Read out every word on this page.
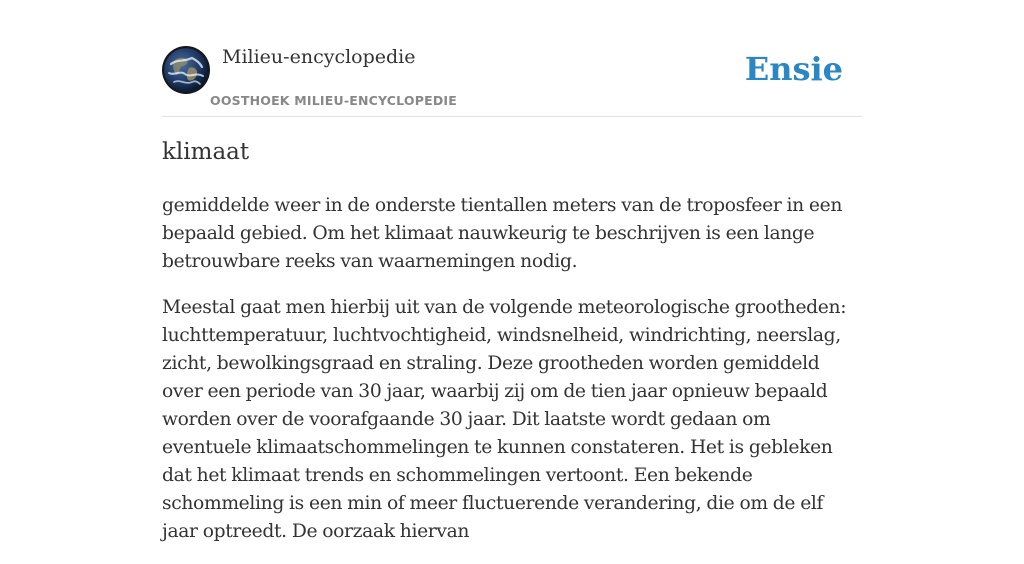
Milieu-encyclopedie
OOSTHOEK MILIEU-ENCYCLOPEDIE
Ensie
klimaat

gemiddelde weer in de onderste tientallen meters van de troposfeer in een bepaald gebied. Om het klimaat nauwkeurig te beschrijven is een lange betrouwbare reeks van waarnemingen nodig.

Meestal gaat men hierbij uit van de volgende meteorologische grootheden: luchttemperatuur, luchtvochtigheid, windsnelheid, windrichting, neerslag, zicht, bewolkingsgraad en straling. Deze grootheden worden gemiddeld over een periode van 30 jaar, waarbij zij om de tien jaar opnieuw bepaald worden over de voorafgaande 30 jaar. Dit laatste wordt gedaan om eventuele klimaatschommelingen te kunnen constateren. Het is gebleken dat het klimaat trends en schommelingen vertoont. Een bekende schommeling is een min of meer fluctuerende verandering, die om de elf jaar optreedt. De oorzaak hiervan
